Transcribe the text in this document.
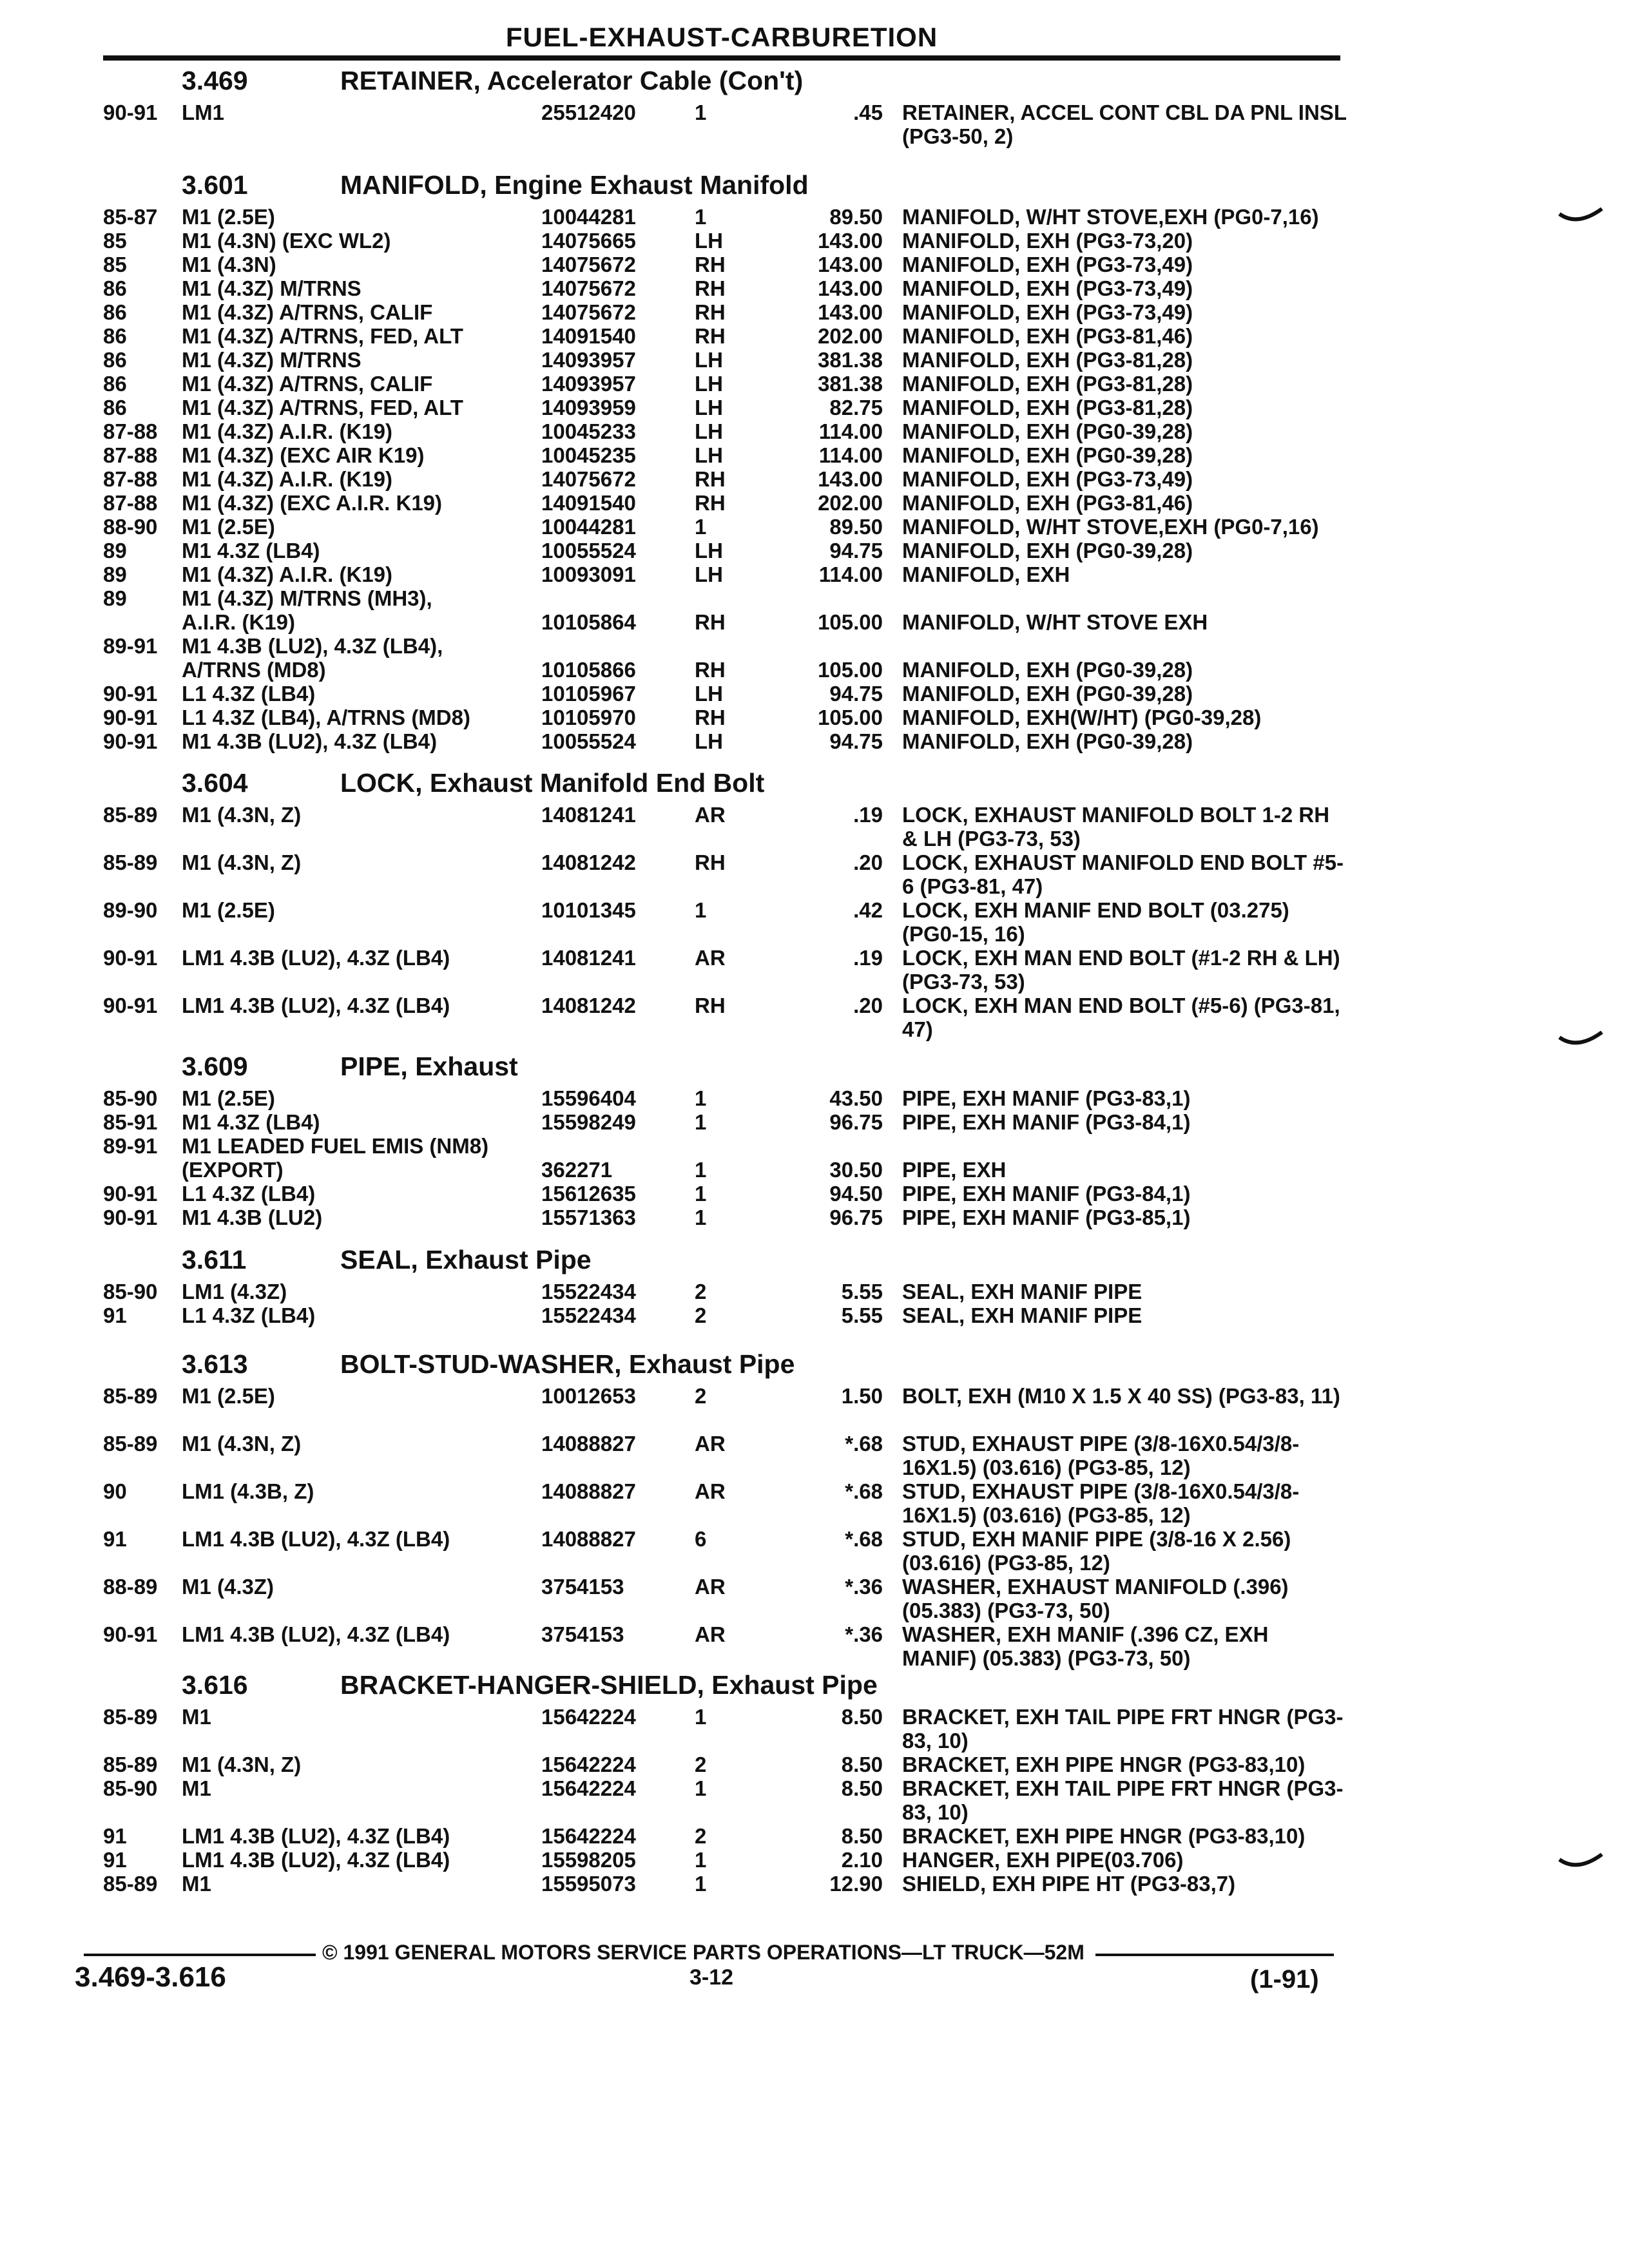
FUEL-EXHAUST-CARBURETION
3.469	RETAINER, Accelerator Cable (Con't)
90-91 LM1	25512420	1	.45 RETAINER, ACCEL CONT CBL DA PNL INSL (PG3-50, 2)
3.601	MANIFOLD, Engine Exhaust Manifold
85-87 M1 (2.5E)	10044281	1	89.50 MANIFOLD, W/HT STOVE,EXH (PG0-7,16)
85	M1 (4.3N) (EXC WL2)	14075665	LH	143.00 MANIFOLD, EXH (PG3-73,20)
85	M1 (4.3N)	14075672	RH	143.00 MANIFOLD, EXH (PG3-73,49)
86	M1 (4.3Z) M/TRNS	14075672	RH	143.00 MANIFOLD, EXH (PG3-73,49)
86	M1 (4.3Z) A/TRNS, CALIF	14075672	RH	143.00 MANIFOLD, EXH (PG3-73,49)
86	M1 (4.3Z) A/TRNS, FED, ALT	14091540	RH	202.00 MANIFOLD, EXH (PG3-81,46)
86	M1 (4.3Z) M/TRNS	14093957	LH	381.38 MANIFOLD, EXH (PG3-81,28)
86	M1 (4.3Z) A/TRNS, CALIF	14093957	LH	381.38 MANIFOLD, EXH (PG3-81,28)
86	M1 (4.3Z) A/TRNS, FED, ALT	14093959	LH	82.75 MANIFOLD, EXH (PG3-81,28)
87-88 M1 (4.3Z) A.I.R. (K19)	10045233	LH	114.00 MANIFOLD, EXH (PG0-39,28)
87-88 M1 (4.3Z) (EXC AIR K19)	10045235	LH	114.00 MANIFOLD, EXH (PG0-39,28)
87-88 M1 (4.3Z) A.I.R. (K19)	14075672	RH	143.00 MANIFOLD, EXH (PG3-73,49)
87-88 M1 (4.3Z) (EXC A.I.R. K19)	14091540	RH	202.00 MANIFOLD, EXH (PG3-81,46)
88-90 M1 (2.5E)	10044281	1	89.50 MANIFOLD, W/HT STOVE,EXH (PG0-7,16)
89	M1 4.3Z (LB4)	10055524	LH	94.75 MANIFOLD, EXH (PG0-39,28)
89	M1 (4.3Z) A.I.R. (K19)	10093091	LH	114.00 MANIFOLD, EXH
89	M1 (4.3Z) M/TRNS (MH3),
A.I.R. (K19)	10105864	RH	105.00 MANIFOLD, W/HT STOVE EXH
89-91 M1 4.3B (LU2), 4.3Z (LB4),
A/TRNS (MD8)	10105866	RH	105.00 MANIFOLD, EXH (PG0-39,28)
90-91 L1 4.3Z (LB4)	10105967	LH	94.75 MANIFOLD, EXH (PG0-39,28)
90-91 L1 4.3Z (LB4), A/TRNS (MD8)	10105970	RH	105.00 MANIFOLD, EXH(W/HT) (PG0-39,28)
90-91 M1 4.3B (LU2), 4.3Z (LB4)	10055524	LH	94.75 MANIFOLD, EXH (PG0-39,28)
3.604	LOCK, Exhaust Manifold End Bolt
85-89 M1 (4.3N, Z)	14081241	AR	.19 LOCK, EXHAUST MANIFOLD BOLT 1-2 RH & LH (PG3-73, 53)
85-89 M1 (4.3N, Z)	14081242	RH	.20 LOCK, EXHAUST MANIFOLD END BOLT #5-6 (PG3-81, 47)
89-90 M1 (2.5E)	10101345	1	.42 LOCK, EXH MANIF END BOLT (03.275) (PG0-15, 16)
90-91 LM1 4.3B (LU2), 4.3Z (LB4)	14081241	AR	.19 LOCK, EXH MAN END BOLT (#1-2 RH & LH) (PG3-73, 53)
90-91 LM1 4.3B (LU2), 4.3Z (LB4)	14081242	RH	.20 LOCK, EXH MAN END BOLT (#5-6) (PG3-81, 47)
3.609	PIPE, Exhaust
85-90 M1 (2.5E)	15596404	1	43.50 PIPE, EXH MANIF (PG3-83,1)
85-91 M1 4.3Z (LB4)	15598249	1	96.75 PIPE, EXH MANIF (PG3-84,1)
89-91 M1 LEADED FUEL EMIS (NM8)
(EXPORT)	362271	1	30.50 PIPE, EXH
90-91 L1 4.3Z (LB4)	15612635	1	94.50 PIPE, EXH MANIF (PG3-84,1)
90-91 M1 4.3B (LU2)	15571363	1	96.75 PIPE, EXH MANIF (PG3-85,1)
3.611	SEAL, Exhaust Pipe
85-90 LM1 (4.3Z)	15522434	2	5.55 SEAL, EXH MANIF PIPE
91	L1 4.3Z (LB4)	15522434	2	5.55 SEAL, EXH MANIF PIPE
3.613	BOLT-STUD-WASHER, Exhaust Pipe
85-89 M1 (2.5E)	10012653	2	1.50 BOLT, EXH (M10 X 1.5 X 40 SS) (PG3-83, 11)
85-89 M1 (4.3N, Z)	14088827	AR	*.68 STUD, EXHAUST PIPE (3/8-16X0.54/3/8-16X1.5) (03.616) (PG3-85, 12)
90	LM1 (4.3B, Z)	14088827	AR	*.68 STUD, EXHAUST PIPE (3/8-16X0.54/3/8-16X1.5) (03.616) (PG3-85, 12)
91	LM1 4.3B (LU2), 4.3Z (LB4)	14088827	6	*.68 STUD, EXH MANIF PIPE (3/8-16 X 2.56) (03.616) (PG3-85, 12)
88-89 M1 (4.3Z)	3754153	AR	*.36 WASHER, EXHAUST MANIFOLD (.396) (05.383) (PG3-73, 50)
90-91 LM1 4.3B (LU2), 4.3Z (LB4)	3754153	AR	*.36 WASHER, EXH MANIF (.396 CZ, EXH MANIF) (05.383) (PG3-73, 50)
3.616	BRACKET-HANGER-SHIELD, Exhaust Pipe
85-89 M1	15642224	1	8.50 BRACKET, EXH TAIL PIPE FRT HNGR (PG3-83, 10)
85-89 M1 (4.3N, Z)	15642224	2	8.50 BRACKET, EXH PIPE HNGR (PG3-83,10)
85-90 M1	15642224	1	8.50 BRACKET, EXH TAIL PIPE FRT HNGR (PG3-83, 10)
91	LM1 4.3B (LU2), 4.3Z (LB4)	15642224	2	8.50 BRACKET, EXH PIPE HNGR (PG3-83,10)
91	LM1 4.3B (LU2), 4.3Z (LB4)	15598205	1	2.10 HANGER, EXH PIPE(03.706)
85-89 M1	15595073	1	12.90 SHIELD, EXH PIPE HT (PG3-83,7)
© 1991 GENERAL MOTORS SERVICE PARTS OPERATIONS—LT TRUCK—52M
3.469-3.616	3-12	(1-91)
